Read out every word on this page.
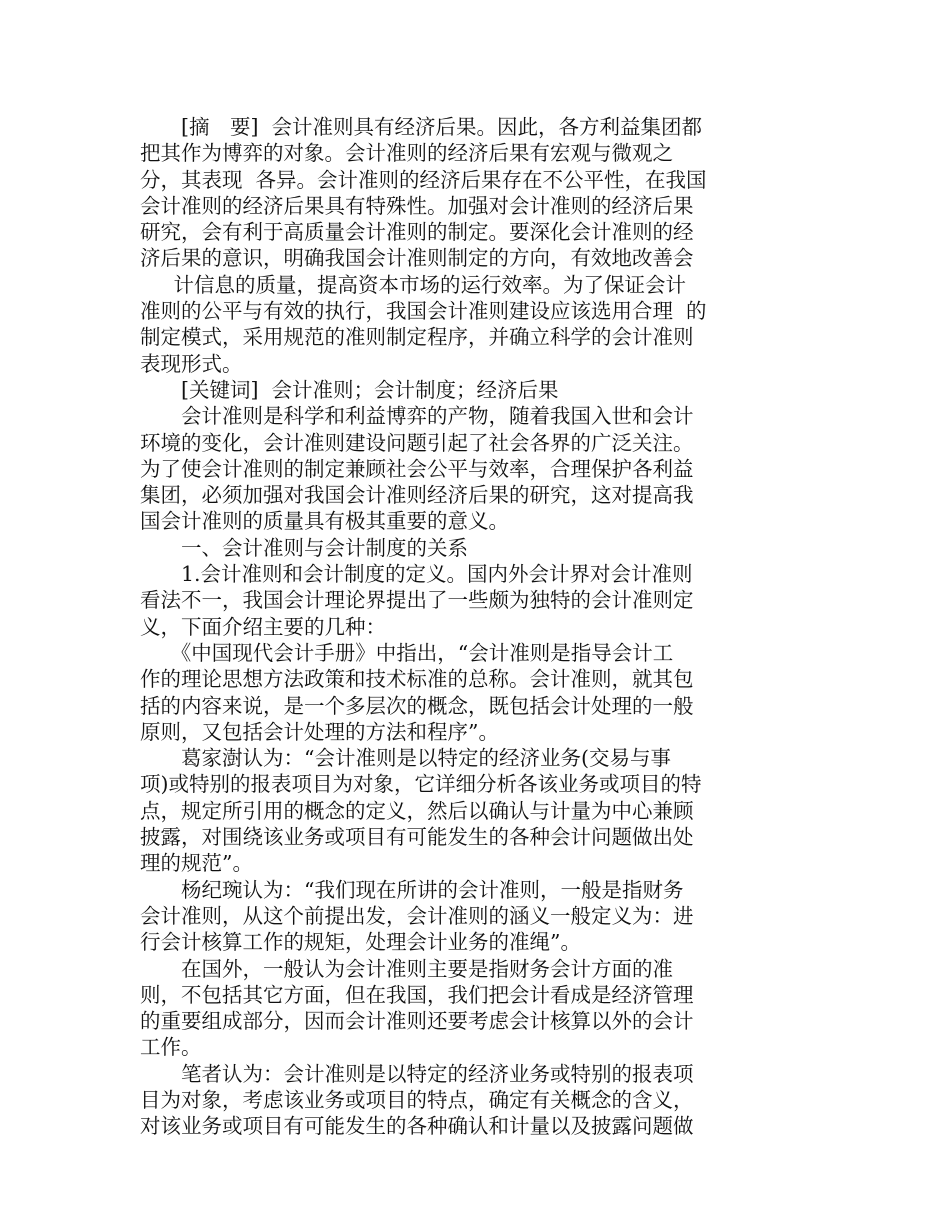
　　[摘　要]  会计准则具有经济后果。因此，各方利益集团都
把其作为博弈的对象。会计准则的经济后果有宏观与微观之
分，其表现  各异。会计准则的经济后果存在不公平性，在我国
会计准则的经济后果具有特殊性。加强对会计准则的经济后果
研究，会有利于高质量会计准则的制定。要深化会计准则的经
济后果的意识，明确我国会计准则制定的方向，有效地改善会
　  计信息的质量，提高资本市场的运行效率。为了保证会计
准则的公平与有效的执行，我国会计准则建设应该选用合理  的
制定模式，采用规范的准则制定程序，并确立科学的会计准则
表现形式。
　　[关键词]  会计准则；会计制度；经济后果
　　会计准则是科学和利益博弈的产物，随着我国入世和会计
环境的变化，会计准则建设问题引起了社会各界的广泛关注。
为了使会计准则的制定兼顾社会公平与效率，合理保护各利益
集团，必须加强对我国会计准则经济后果的研究，这对提高我
国会计准则的质量具有极其重要的意义。
　　一、会计准则与会计制度的关系
　　1.会计准则和会计制度的定义。国内外会计界对会计准则
看法不一，我国会计理论界提出了一些颇为独特的会计准则定
义，下面介绍主要的几种：
　　《中国现代会计手册》中指出，“会计准则是指导会计工
作的理论思想方法政策和技术标准的总称。会计准则，就其包
括的内容来说，是一个多层次的概念，既包括会计处理的一般
原则，又包括会计处理的方法和程序”。
　　葛家澍认为：“会计准则是以特定的经济业务(交易与事
项)或特别的报表项目为对象，它详细分析各该业务或项目的特
点，规定所引用的概念的定义，然后以确认与计量为中心兼顾
披露，对围绕该业务或项目有可能发生的各种会计问题做出处
理的规范”。
　　杨纪琬认为：“我们现在所讲的会计准则，一般是指财务
会计准则，从这个前提出发，会计准则的涵义一般定义为：进
行会计核算工作的规矩，处理会计业务的准绳”。
　　在国外，一般认为会计准则主要是指财务会计方面的准
则，不包括其它方面，但在我国，我们把会计看成是经济管理
的重要组成部分，因而会计准则还要考虑会计核算以外的会计
工作。
　　笔者认为：会计准则是以特定的经济业务或特别的报表项
目为对象，考虑该业务或项目的特点，确定有关概念的含义，
对该业务或项目有可能发生的各种确认和计量以及披露问题做
